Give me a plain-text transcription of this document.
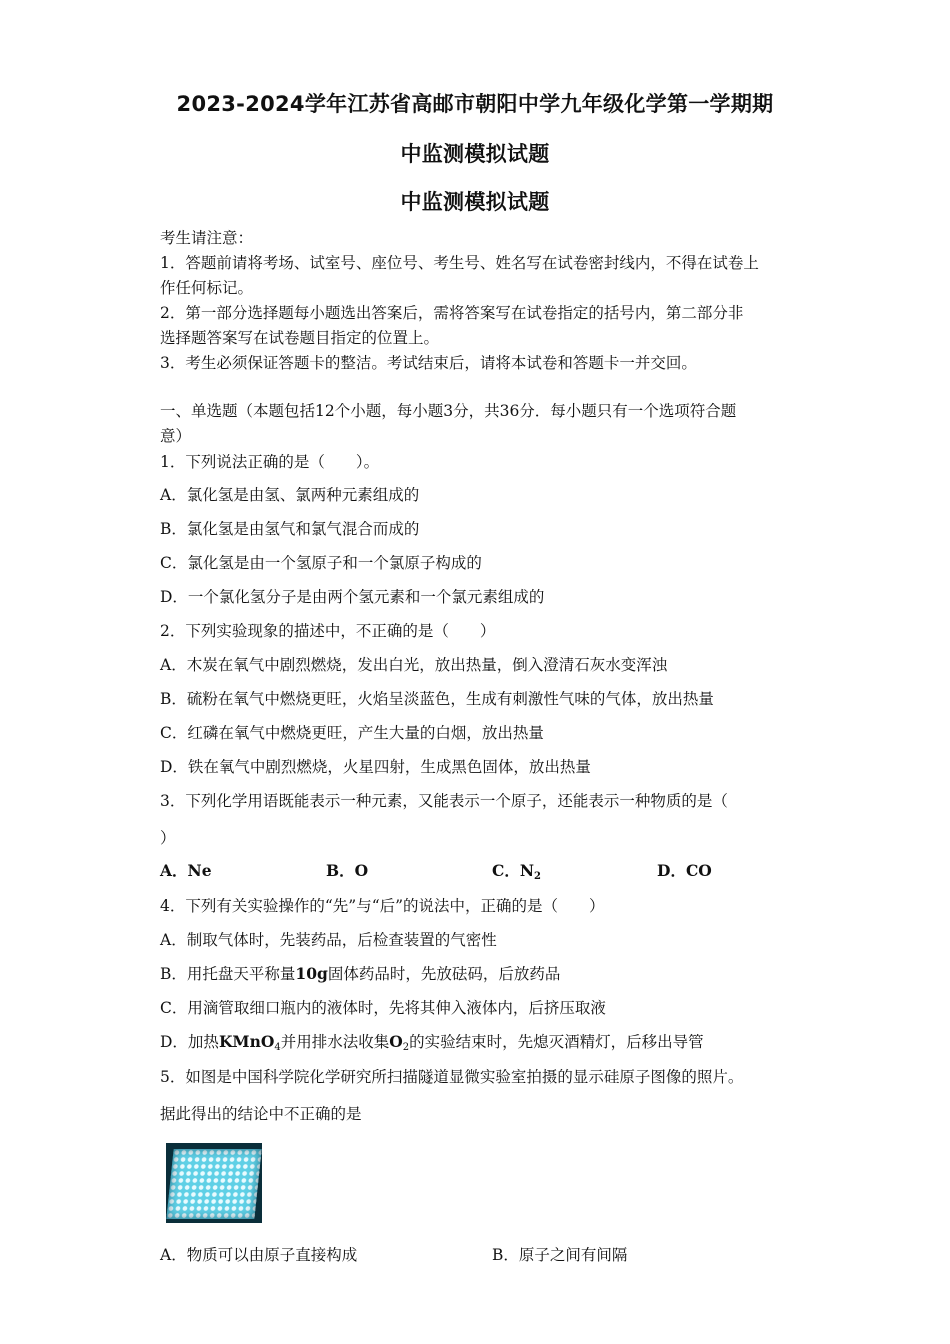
2023-2024学年江苏省高邮市朝阳中学九年级化学第一学期期
中监测模拟试题
中监测模拟试题
考生请注意：
1．答题前请将考场、试室号、座位号、考生号、姓名写在试卷密封线内，不得在试卷上
作任何标记。
2．第一部分选择题每小题选出答案后，需将答案写在试卷指定的括号内，第二部分非
选择题答案写在试卷题目指定的位置上。
3．考生必须保证答题卡的整洁。考试结束后，请将本试卷和答题卡一并交回。
一、单选题（本题包括12个小题，每小题3分，共36分．每小题只有一个选项符合题
意）
1．下列说法正确的是（　　）。
A．氯化氢是由氢、氯两种元素组成的
B．氯化氢是由氢气和氯气混合而成的
C．氯化氢是由一个氢原子和一个氯原子构成的
D．一个氯化氢分子是由两个氢元素和一个氯元素组成的
2．下列实验现象的描述中，不正确的是（　　）
A．木炭在氧气中剧烈燃烧，发出白光，放出热量，倒入澄清石灰水变浑浊
B．硫粉在氧气中燃烧更旺，火焰呈淡蓝色，生成有刺激性气味的气体，放出热量
C．红磷在氧气中燃烧更旺，产生大量的白烟，放出热量
D．铁在氧气中剧烈燃烧，火星四射，生成黑色固体，放出热量
3．下列化学用语既能表示一种元素，又能表示一个原子，还能表示一种物质的是（
）
A．Ne	B．O	C．$N_2$	D．CO
4．下列有关实验操作的“先”与“后”的说法中，正确的是（　　）
A．制取气体时，先装药品，后检查装置的气密性
B．用托盘天平称量10g固体药品时，先放砝码，后放药品
C．用滴管取细口瓶内的液体时，先将其伸入液体内，后挤压取液
D．加热KMnO$_4$并用排水法收集$O_2$的实验结束时，先熄灭酒精灯，后移出导管
5．如图是中国科学院化学研究所扫描隧道显微实验室拍摄的显示硅原子图像的照片。
据此得出的结论中不正确的是
A．物质可以由原子直接构成	B．原子之间有间隔
